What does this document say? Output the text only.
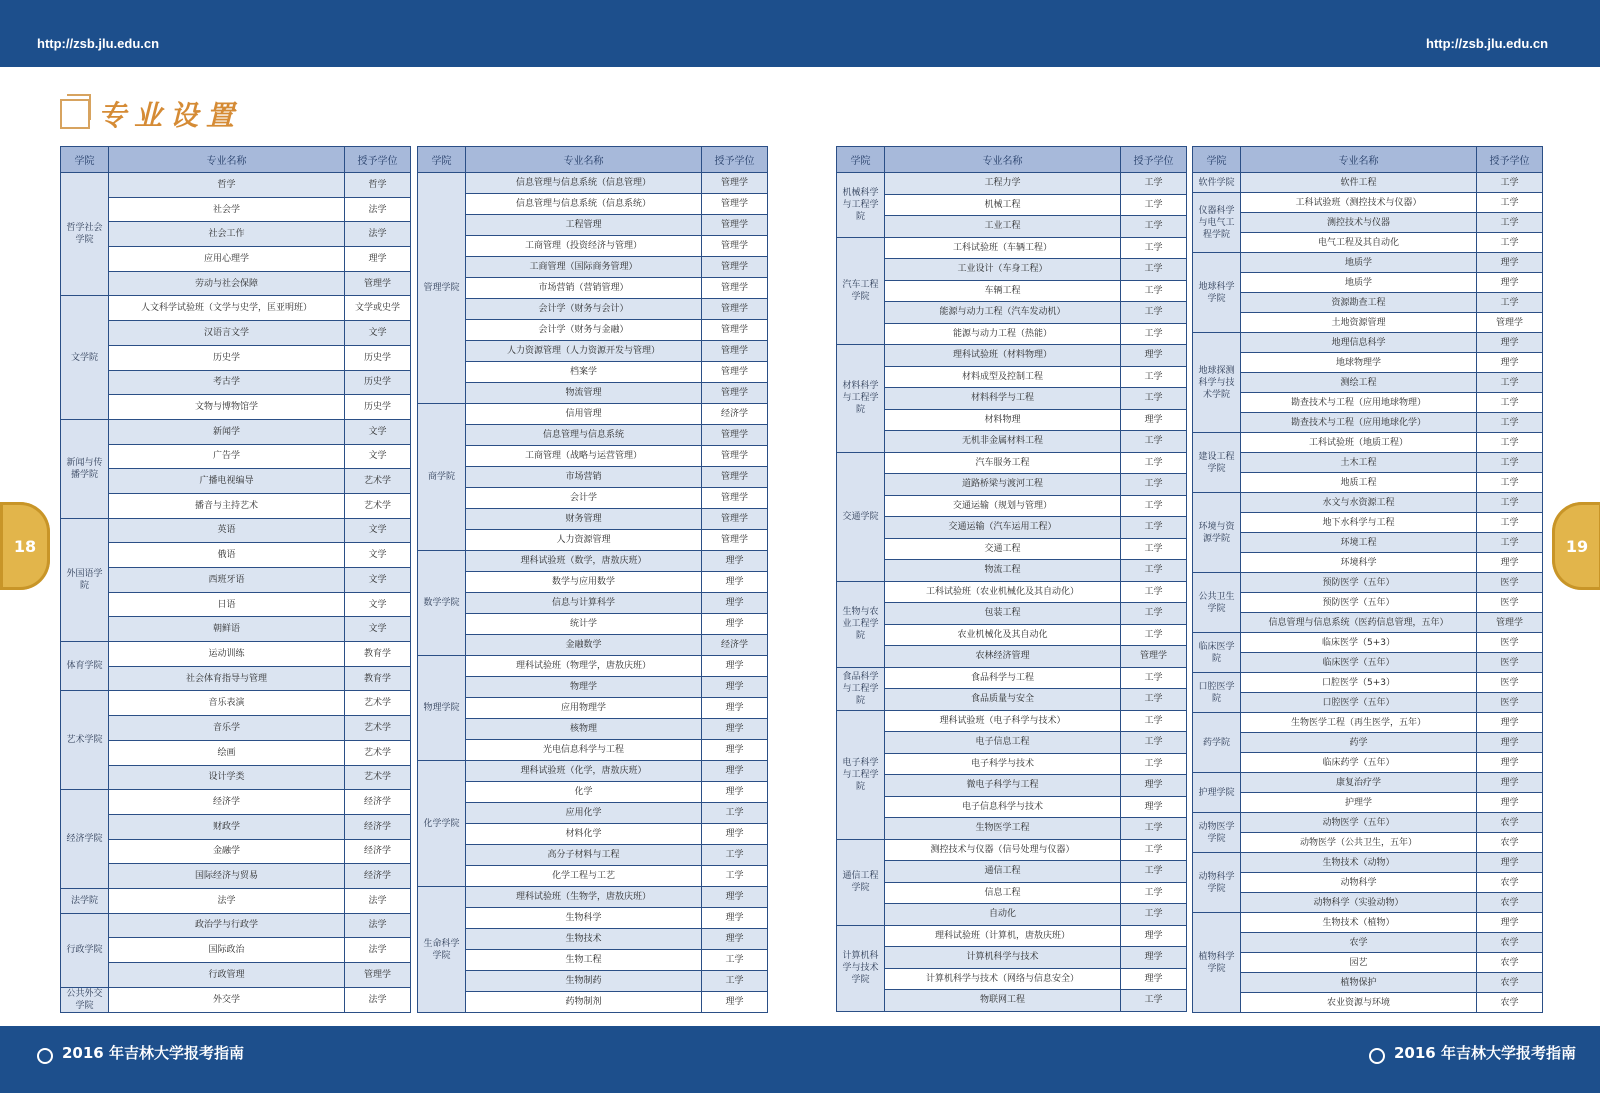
http://zsb.jlu.edu.cn	http://zsb.jlu.edu.cn
专业设置
18	19
学院	专业名称	授予学位
哲学社会学院	哲学	哲学
	社会学	法学
	社会工作	法学
	应用心理学	理学
	劳动与社会保障	管理学
文学院	人文科学试验班（文学与史学，匡亚明班）	文学或史学
	汉语言文学	文学
	历史学	历史学
	考古学	历史学
	文物与博物馆学	历史学
新闻与传播学院	新闻学	文学
	广告学	文学
	广播电视编导	艺术学
	播音与主持艺术	艺术学
外国语学院	英语	文学
	俄语	文学
	西班牙语	文学
	日语	文学
	朝鲜语	文学
体育学院	运动训练	教育学
	社会体育指导与管理	教育学
艺术学院	音乐表演	艺术学
	音乐学	艺术学
	绘画	艺术学
	设计学类	艺术学
经济学院	经济学	经济学
	财政学	经济学
	金融学	经济学
	国际经济与贸易	经济学
法学院	法学	法学
行政学院	政治学与行政学	法学
	国际政治	法学
	行政管理	管理学
公共外交学院	外交学	法学
学院	专业名称	授予学位
管理学院	信息管理与信息系统（信息管理）	管理学
	信息管理与信息系统（信息系统）	管理学
	工程管理	管理学
	工商管理（投资经济与管理）	管理学
	工商管理（国际商务管理）	管理学
	市场营销（营销管理）	管理学
	会计学（财务与会计）	管理学
	会计学（财务与金融）	管理学
	人力资源管理（人力资源开发与管理）	管理学
	档案学	管理学
	物流管理	管理学
商学院	信用管理	经济学
	信息管理与信息系统	管理学
	工商管理（战略与运营管理）	管理学
	市场营销	管理学
	会计学	管理学
	财务管理	管理学
	人力资源管理	管理学
数学学院	理科试验班（数学，唐敖庆班）	理学
	数学与应用数学	理学
	信息与计算科学	理学
	统计学	理学
	金融数学	经济学
物理学院	理科试验班（物理学，唐敖庆班）	理学
	物理学	理学
	应用物理学	理学
	核物理	理学
	光电信息科学与工程	理学
化学学院	理科试验班（化学，唐敖庆班）	理学
	化学	理学
	应用化学	工学
	材料化学	理学
	高分子材料与工程	工学
	化学工程与工艺	工学
生命科学学院	理科试验班（生物学，唐敖庆班）	理学
	生物科学	理学
	生物技术	理学
	生物工程	工学
	生物制药	工学
	药物制剂	理学
学院	专业名称	授予学位
机械科学与工程学院	工程力学	工学
	机械工程	工学
	工业工程	工学
汽车工程学院	工科试验班（车辆工程）	工学
	工业设计（车身工程）	工学
	车辆工程	工学
	能源与动力工程（汽车发动机）	工学
	能源与动力工程（热能）	工学
材料科学与工程学院	理科试验班（材料物理）	理学
	材料成型及控制工程	工学
	材料科学与工程	工学
	材料物理	理学
	无机非金属材料工程	工学
交通学院	汽车服务工程	工学
	道路桥梁与渡河工程	工学
	交通运输（规划与管理）	工学
	交通运输（汽车运用工程）	工学
	交通工程	工学
	物流工程	工学
生物与农业工程学院	工科试验班（农业机械化及其自动化）	工学
	包装工程	工学
	农业机械化及其自动化	工学
	农林经济管理	管理学
食品科学与工程学院	食品科学与工程	工学
	食品质量与安全	工学
电子科学与工程学院	理科试验班（电子科学与技术）	工学
	电子信息工程	工学
	电子科学与技术	工学
	微电子科学与工程	理学
	电子信息科学与技术	理学
	生物医学工程	工学
通信工程学院	测控技术与仪器（信号处理与仪器）	工学
	通信工程	工学
	信息工程	工学
	自动化	工学
计算机科学与技术学院	理科试验班（计算机，唐敖庆班）	理学
	计算机科学与技术	理学
	计算机科学与技术（网络与信息安全）	理学
	物联网工程	工学
学院	专业名称	授予学位
软件学院	软件工程	工学
仪器科学与电气工程学院	工科试验班（测控技术与仪器）	工学
	测控技术与仪器	工学
	电气工程及其自动化	工学
地球科学学院	地质学	理学
	地质学	理学
	资源勘查工程	工学
	土地资源管理	管理学
地球探测科学与技术学院	地理信息科学	理学
	地球物理学	理学
	测绘工程	工学
	勘查技术与工程（应用地球物理）	工学
	勘查技术与工程（应用地球化学）	工学
建设工程学院	工科试验班（地质工程）	工学
	土木工程	工学
	地质工程	工学
环境与资源学院	水文与水资源工程	工学
	地下水科学与工程	工学
	环境工程	工学
	环境科学	理学
公共卫生学院	预防医学（五年）	医学
	预防医学（五年）	医学
	信息管理与信息系统（医药信息管理，五年）	管理学
临床医学院	临床医学（5+3）	医学
	临床医学（五年）	医学
口腔医学院	口腔医学（5+3）	医学
	口腔医学（五年）	医学
药学院	生物医学工程（再生医学，五年）	理学
	药学	理学
	临床药学（五年）	理学
护理学院	康复治疗学	理学
	护理学	理学
动物医学学院	动物医学（五年）	农学
	动物医学（公共卫生，五年）	农学
动物科学学院	生物技术（动物）	理学
	动物科学	农学
	动物科学（实验动物）	农学
植物科学学院	生物技术（植物）	理学
	农学	农学
	园艺	农学
	植物保护	农学
	农业资源与环境	农学
2016 年吉林大学报考指南	2016 年吉林大学报考指南
